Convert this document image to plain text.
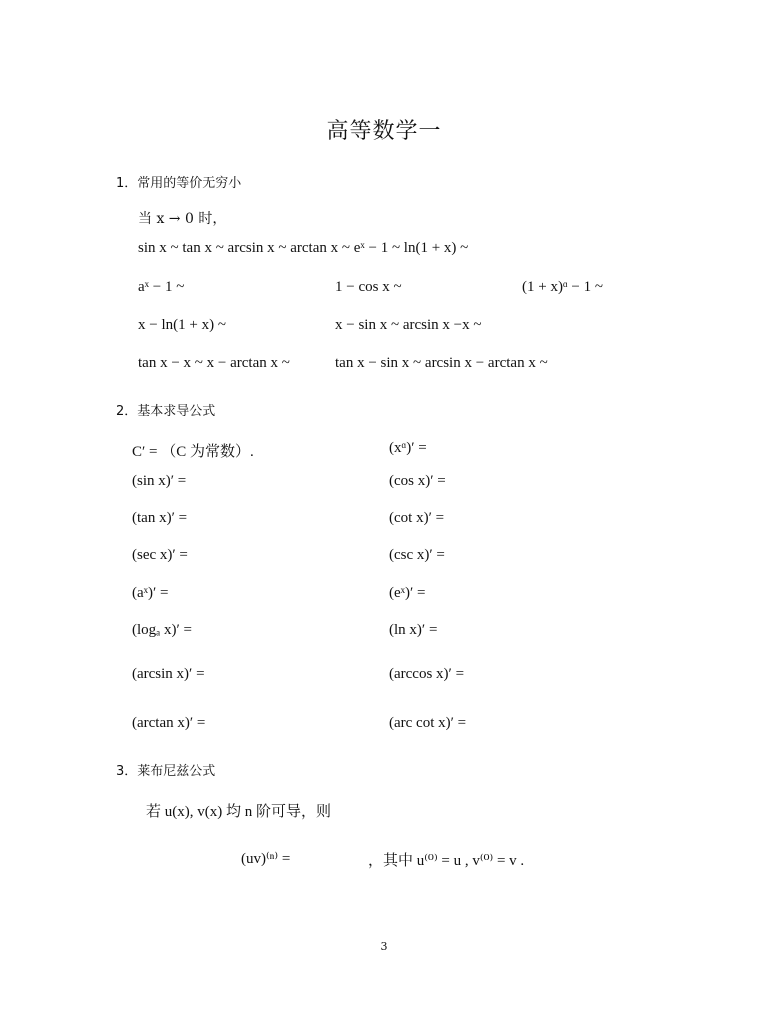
高等数学一
1．常用的等价无穷小
当 x → 0 时，
sin x ~ tan x ~ arcsin x ~ arctan x ~ eˣ − 1 ~ ln(1 + x) ~
aˣ − 1 ~	1 − cos x ~	(1 + x)ᵅ − 1 ~
x − ln(1 + x) ~	x − sin x ~ arcsin x −x ~
tan x − x ~ x − arctan x ~	tan x − sin x ~ arcsin x − arctan x ~
2．基本求导公式
C′ = （C 为常数）.	(xᵅ)′ =
(sin x)′ =	(cos x)′ =
(tan x)′ =	(cot x)′ =
(sec x)′ =	(csc x)′ =
(aˣ)′ =	(eˣ)′ =
(logₐ x)′ =	(ln x)′ =
(arcsin x)′ =	(arccos x)′ =
(arctan x)′ =	(arc cot x)′ =
3．莱布尼兹公式
若 u(x), v(x) 均 n 阶可导，则
(uv)⁽ⁿ⁾ =	，其中 u⁽⁰⁾ = u , v⁽⁰⁾ = v .
3
